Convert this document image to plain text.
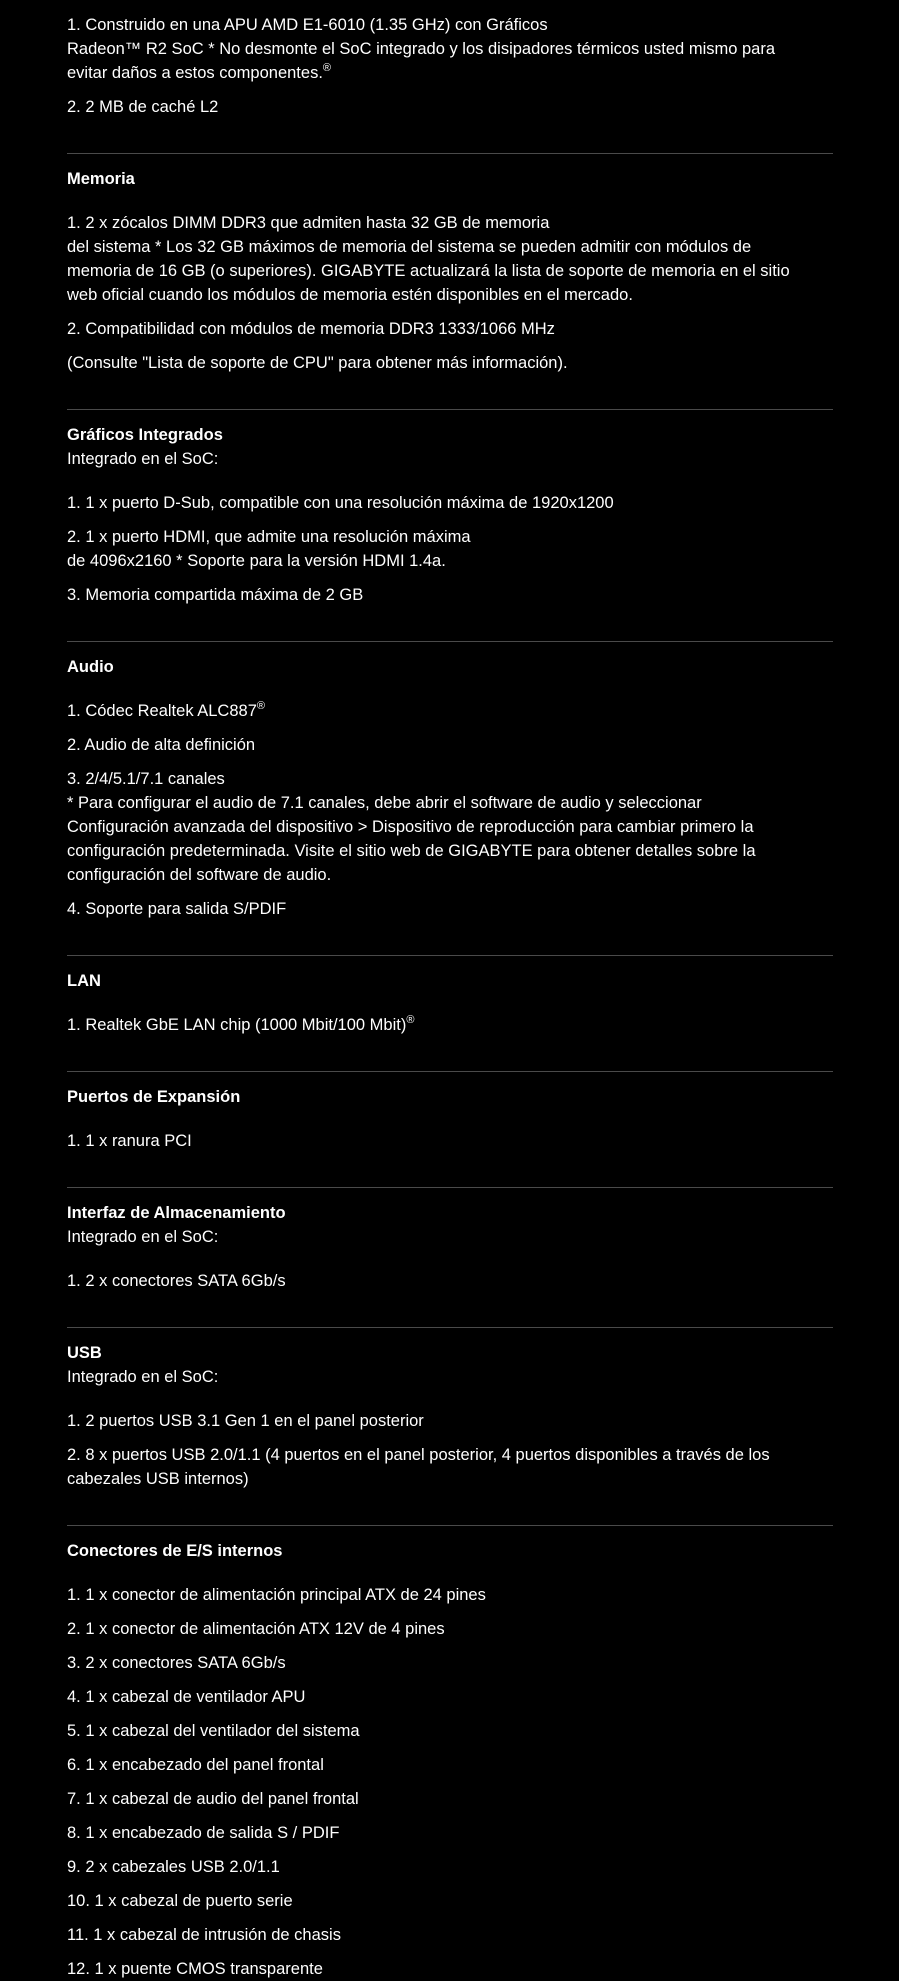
1. Construido en una APU AMD E1-6010 (1.35 GHz) con Gráficos
Radeon™ R2 SoC * No desmonte el SoC integrado y los disipadores térmicos usted mismo para
evitar daños a estos componentes.®
2. 2 MB de caché L2
Memoria
1. 2 x zócalos DIMM DDR3 que admiten hasta 32 GB de memoria
del sistema * Los 32 GB máximos de memoria del sistema se pueden admitir con módulos de
memoria de 16 GB (o superiores). GIGABYTE actualizará la lista de soporte de memoria en el sitio
web oficial cuando los módulos de memoria estén disponibles en el mercado.
2. Compatibilidad con módulos de memoria DDR3 1333/1066 MHz
(Consulte "Lista de soporte de CPU" para obtener más información).
Gráficos Integrados
Integrado en el SoC:
1. 1 x puerto D-Sub, compatible con una resolución máxima de 1920x1200
2. 1 x puerto HDMI, que admite una resolución máxima
de 4096x2160 * Soporte para la versión HDMI 1.4a.
3. Memoria compartida máxima de 2 GB
Audio
1. Códec Realtek ALC887®
2. Audio de alta definición
3. 2/4/5.1/7.1 canales
* Para configurar el audio de 7.1 canales, debe abrir el software de audio y seleccionar
Configuración avanzada del dispositivo > Dispositivo de reproducción para cambiar primero la
configuración predeterminada. Visite el sitio web de GIGABYTE para obtener detalles sobre la
configuración del software de audio.
4. Soporte para salida S/PDIF
LAN
1. Realtek GbE LAN chip (1000 Mbit/100 Mbit)®
Puertos de Expansión
1. 1 x ranura PCI
Interfaz de Almacenamiento
Integrado en el SoC:
1. 2 x conectores SATA 6Gb/s
USB
Integrado en el SoC:
1. 2 puertos USB 3.1 Gen 1 en el panel posterior
2. 8 x puertos USB 2.0/1.1 (4 puertos en el panel posterior, 4 puertos disponibles a través de los
cabezales USB internos)
Conectores de E/S internos
1. 1 x conector de alimentación principal ATX de 24 pines
2. 1 x conector de alimentación ATX 12V de 4 pines
3. 2 x conectores SATA 6Gb/s
4. 1 x cabezal de ventilador APU
5. 1 x cabezal del ventilador del sistema
6. 1 x encabezado del panel frontal
7. 1 x cabezal de audio del panel frontal
8. 1 x encabezado de salida S / PDIF
9. 2 x cabezales USB 2.0/1.1
10. 1 x cabezal de puerto serie
11. 1 x cabezal de intrusión de chasis
12. 1 x puente CMOS transparente
